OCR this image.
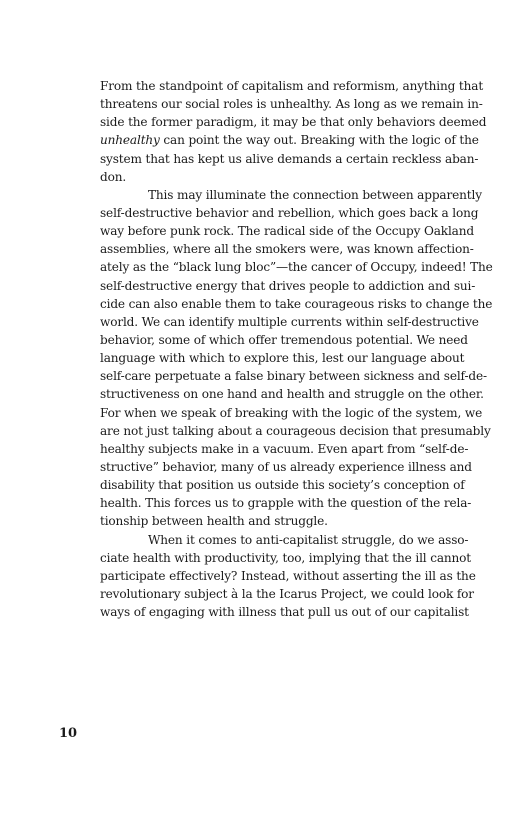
From the standpoint of capitalism and reformism, anything that
threatens our social roles is unhealthy. As long as we remain in-
side the former paradigm, it may be that only behaviors deemed
unhealthy can point the way out. Breaking with the logic of the
system that has kept us alive demands a certain reckless aban-
don.
This may illuminate the connection between apparently
self-destructive behavior and rebellion, which goes back a long
way before punk rock. The radical side of the Occupy Oakland
assemblies, where all the smokers were, was known affection-
ately as the “black lung bloc”—the cancer of Occupy, indeed! The
self-destructive energy that drives people to addiction and sui-
cide can also enable them to take courageous risks to change the
world. We can identify multiple currents within self-destructive
behavior, some of which offer tremendous potential. We need
language with which to explore this, lest our language about
self-care perpetuate a false binary between sickness and self-de-
structiveness on one hand and health and struggle on the other.
For when we speak of breaking with the logic of the system, we
are not just talking about a courageous decision that presumably
healthy subjects make in a vacuum. Even apart from “self-de-
structive” behavior, many of us already experience illness and
disability that position us outside this society’s conception of
health. This forces us to grapple with the question of the rela-
tionship between health and struggle.
When it comes to anti-capitalist struggle, do we asso-
ciate health with productivity, too, implying that the ill cannot
participate effectively? Instead, without asserting the ill as the
revolutionary subject à la the Icarus Project, we could look for
ways of engaging with illness that pull us out of our capitalist
10
